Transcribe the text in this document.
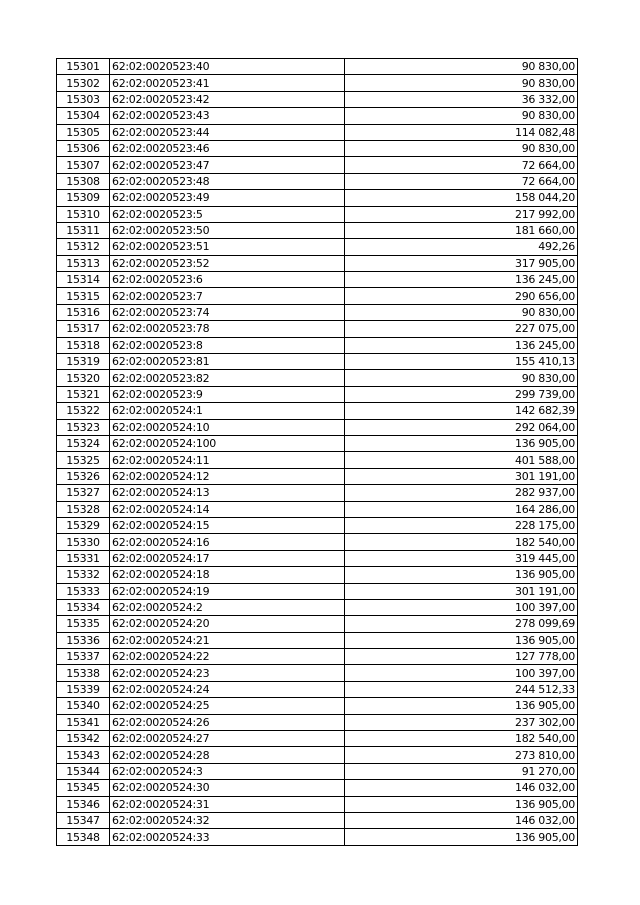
15301	62:02:0020523:40	90 830,00
15302	62:02:0020523:41	90 830,00
15303	62:02:0020523:42	36 332,00
15304	62:02:0020523:43	90 830,00
15305	62:02:0020523:44	114 082,48
15306	62:02:0020523:46	90 830,00
15307	62:02:0020523:47	72 664,00
15308	62:02:0020523:48	72 664,00
15309	62:02:0020523:49	158 044,20
15310	62:02:0020523:5	217 992,00
15311	62:02:0020523:50	181 660,00
15312	62:02:0020523:51	492,26
15313	62:02:0020523:52	317 905,00
15314	62:02:0020523:6	136 245,00
15315	62:02:0020523:7	290 656,00
15316	62:02:0020523:74	90 830,00
15317	62:02:0020523:78	227 075,00
15318	62:02:0020523:8	136 245,00
15319	62:02:0020523:81	155 410,13
15320	62:02:0020523:82	90 830,00
15321	62:02:0020523:9	299 739,00
15322	62:02:0020524:1	142 682,39
15323	62:02:0020524:10	292 064,00
15324	62:02:0020524:100	136 905,00
15325	62:02:0020524:11	401 588,00
15326	62:02:0020524:12	301 191,00
15327	62:02:0020524:13	282 937,00
15328	62:02:0020524:14	164 286,00
15329	62:02:0020524:15	228 175,00
15330	62:02:0020524:16	182 540,00
15331	62:02:0020524:17	319 445,00
15332	62:02:0020524:18	136 905,00
15333	62:02:0020524:19	301 191,00
15334	62:02:0020524:2	100 397,00
15335	62:02:0020524:20	278 099,69
15336	62:02:0020524:21	136 905,00
15337	62:02:0020524:22	127 778,00
15338	62:02:0020524:23	100 397,00
15339	62:02:0020524:24	244 512,33
15340	62:02:0020524:25	136 905,00
15341	62:02:0020524:26	237 302,00
15342	62:02:0020524:27	182 540,00
15343	62:02:0020524:28	273 810,00
15344	62:02:0020524:3	91 270,00
15345	62:02:0020524:30	146 032,00
15346	62:02:0020524:31	136 905,00
15347	62:02:0020524:32	146 032,00
15348	62:02:0020524:33	136 905,00
